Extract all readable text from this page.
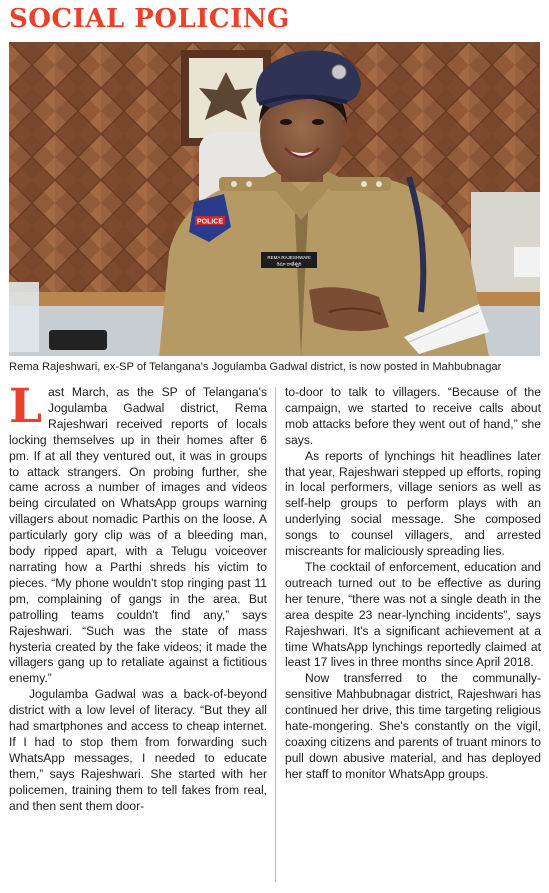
SOCIAL POLICING
POLICE
REMA RAJESHWARI
రెమా రాజేశ్వరి
Rema Rajeshwari, ex-SP of Telangana's Jogulamba Gadwal district, is now posted in Mahbubnagar

Last March, as the SP of Telangana's Jogulamba Gadwal district, Rema Rajeshwari received reports of locals locking themselves up in their homes after 6 pm. If at all they ventured out, it was in groups to attack strangers. On probing further, she came across a number of images and videos being circulated on WhatsApp groups warning villagers about nomadic Parthis on the loose. A particularly gory clip was of a bleeding man, body ripped apart, with a Telugu voiceover narrating how a Parthi shreds his victim to pieces. “My phone wouldn't stop ringing past 11 pm, complaining of gangs in the area. But patrolling teams couldn't find any,” says Rajeshwari. “Such was the state of mass hysteria created by the fake videos; it made the villagers gang up to retaliate against a fictitious enemy.”

Jogulamba Gadwal was a back-of-beyond district with a low level of literacy. “But they all had smartphones and access to cheap internet. If I had to stop them from forwarding such WhatsApp messages, I needed to educate them,” says Rajeshwari. She started with her policemen, training them to tell fakes from real, and then sent them door-

to-door to talk to villagers. “Because of the campaign, we started to receive calls about mob attacks before they went out of hand,” she says.

As reports of lynchings hit headlines later that year, Rajeshwari stepped up efforts, roping in local performers, village seniors as well as self-help groups to perform plays with an underlying social message. She composed songs to counsel villagers, and arrested miscreants for maliciously spreading lies.

The cocktail of enforcement, education and outreach turned out to be effective as during her tenure, “there was not a single death in the area despite 23 near-lynching incidents”, says Rajeshwari. It's a significant achievement at a time WhatsApp lynchings reportedly claimed at least 17 lives in three months since April 2018.

Now transferred to the communally-sensitive Mahbubnagar district, Rajeshwari has continued her drive, this time targeting religious hate-mongering. She's constantly on the vigil, coaxing citizens and parents of truant minors to pull down abusive material, and has deployed her staff to monitor WhatsApp groups.
